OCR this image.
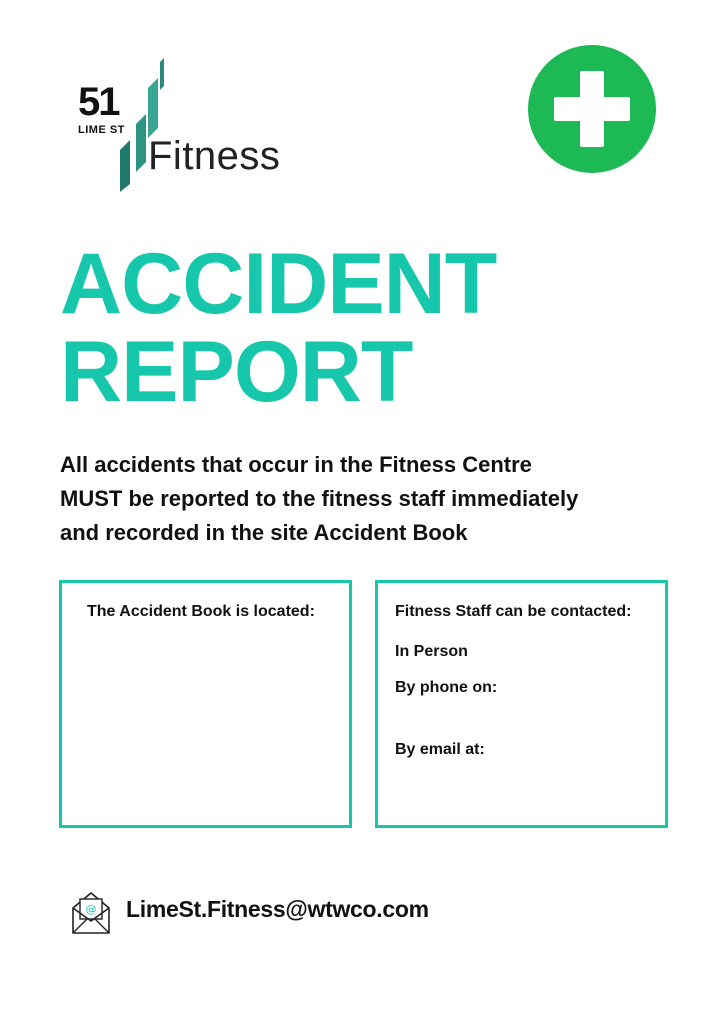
51
LIME ST
Fitness
ACCIDENT
REPORT

All accidents that occur in the Fitness Centre
MUST be reported to the fitness staff immediately
and recorded in the site Accident Book

The Accident Book is located:	Fitness Staff can be contacted:
In Person
By phone on:
By email at:
@ LimeSt.Fitness@wtwco.com
